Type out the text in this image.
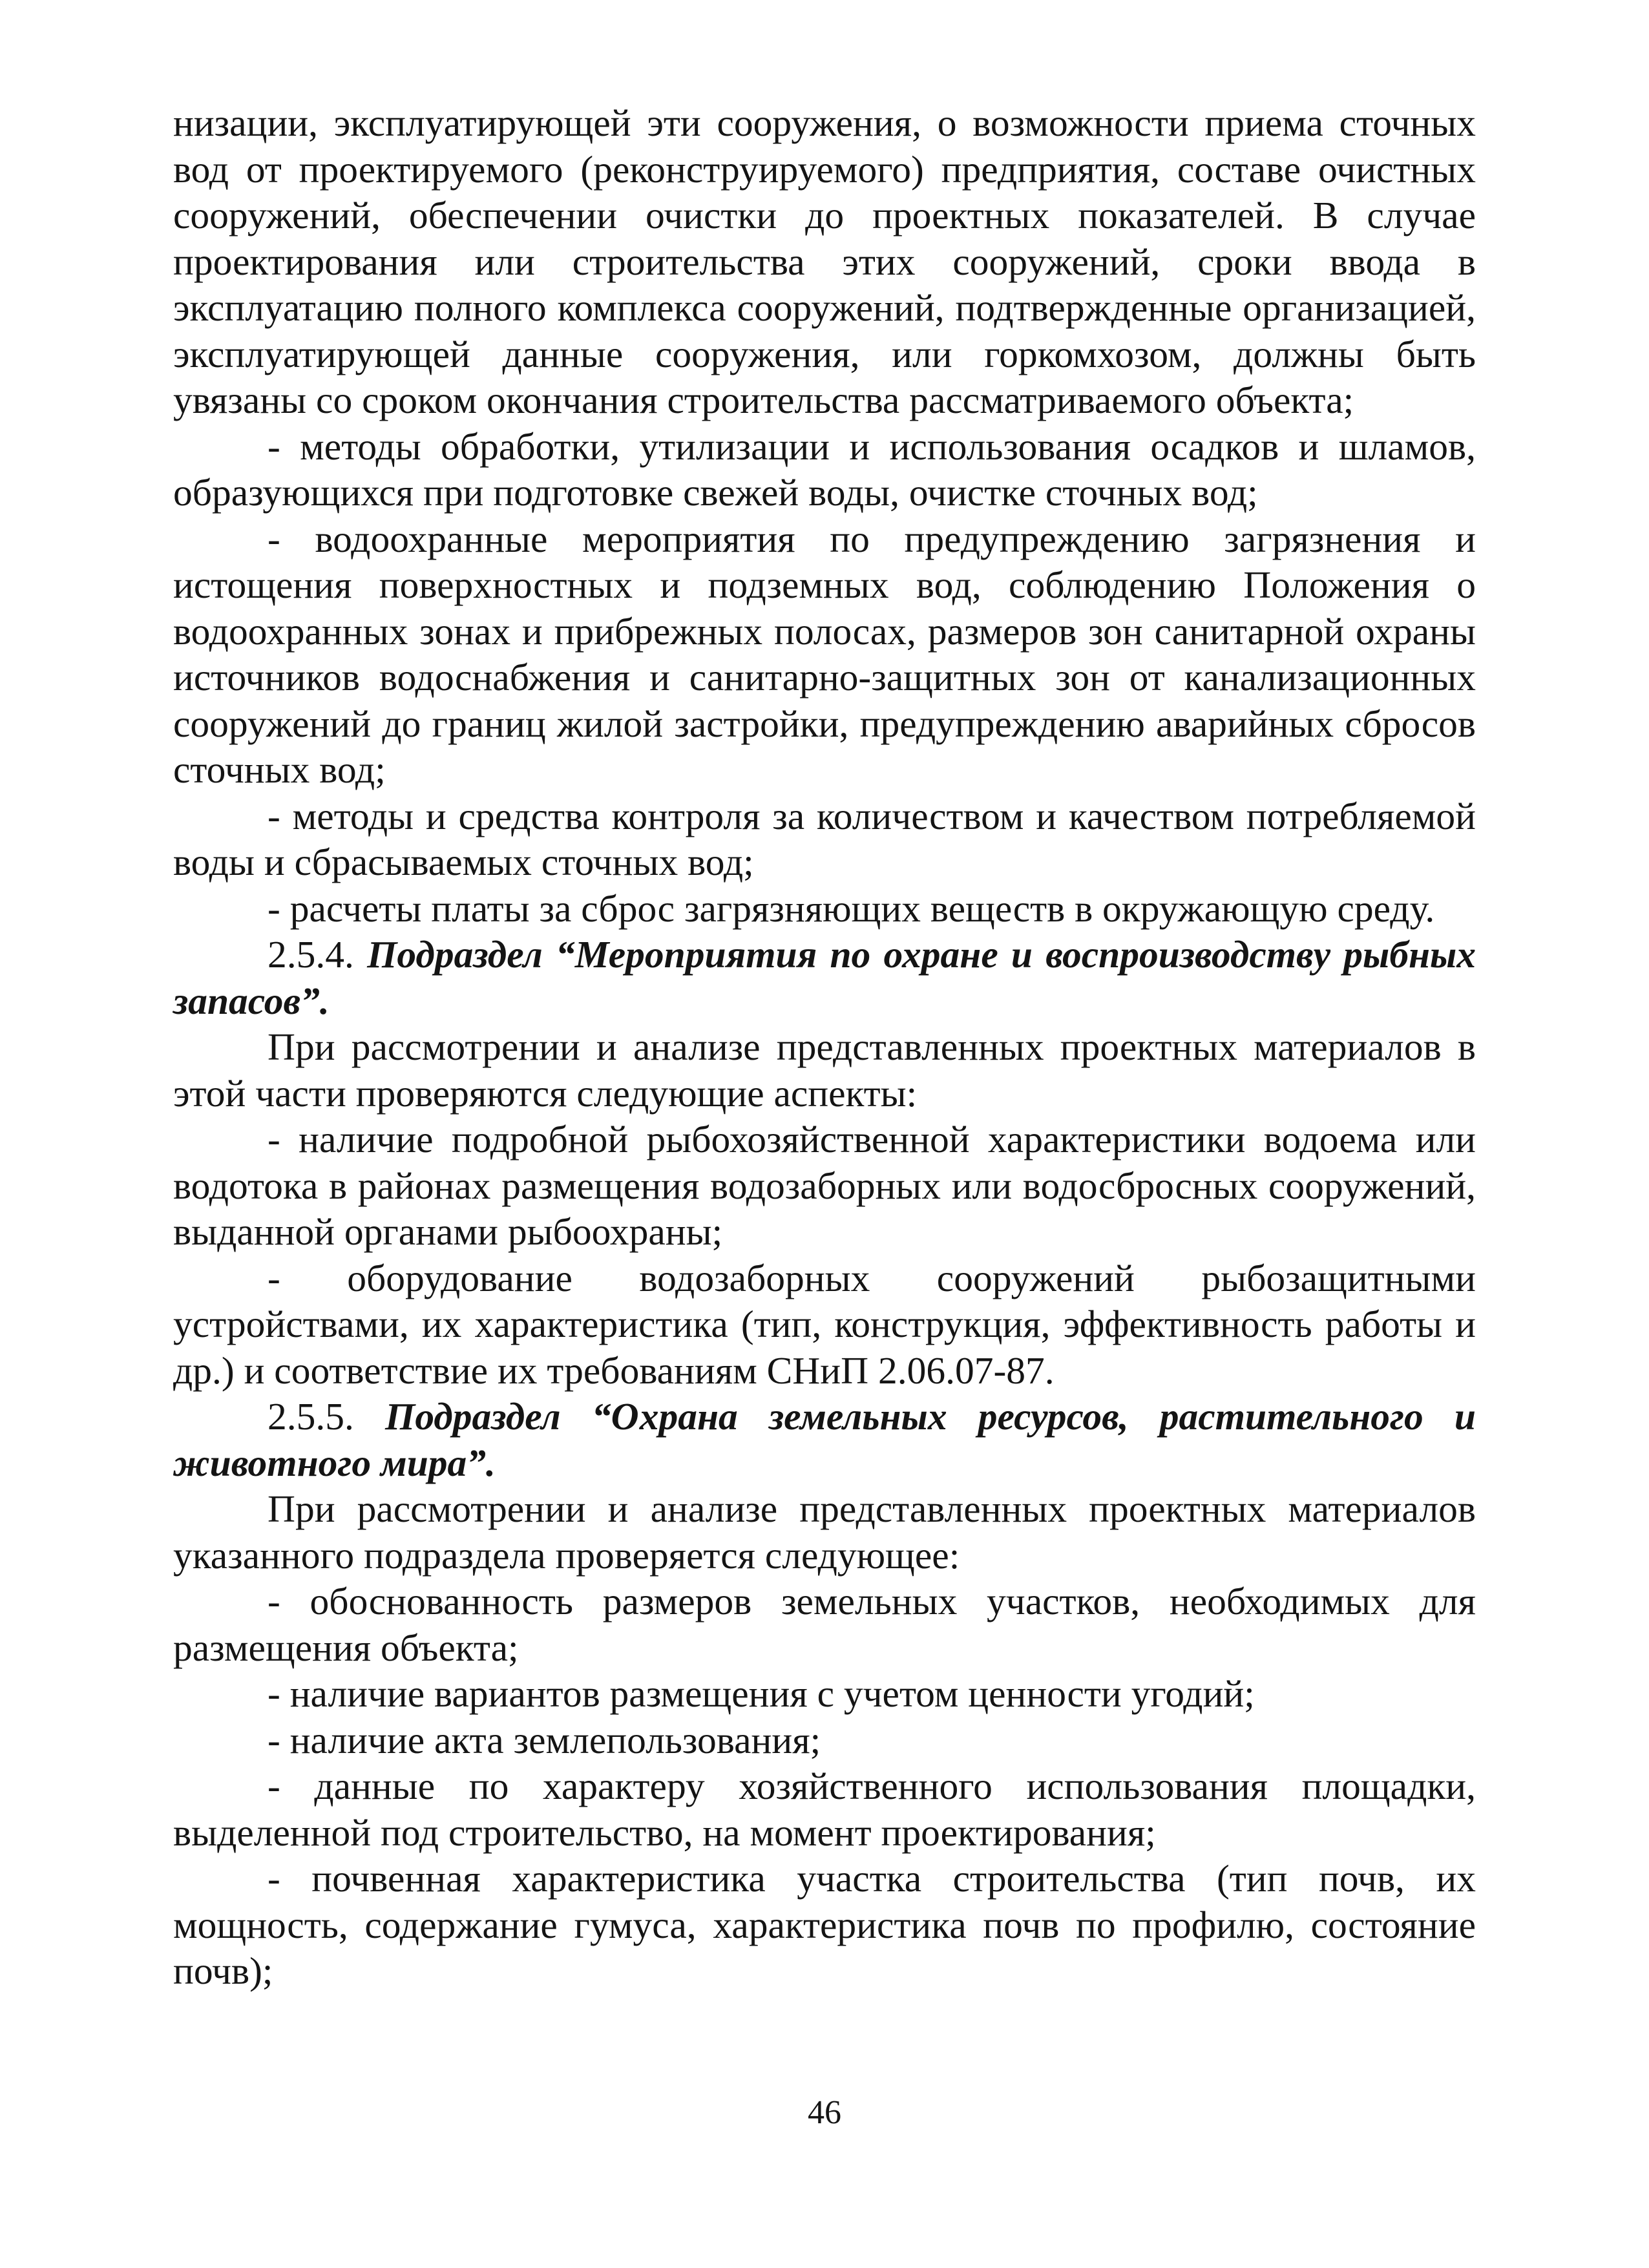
низации, эксплуатирующей эти сооружения, о возможности приема сточных вод от проектируемого (реконструируемого) предприятия, составе очистных сооружений, обеспечении очистки до проектных показателей. В случае проектирования или строительства этих сооружений, сроки ввода в эксплуатацию полного комплекса сооружений, подтвержденные организацией, эксплуатирующей данные сооружения, или горкомхозом, должны быть увязаны со сроком окончания строительства рассматриваемого объекта;

- методы обработки, утилизации и использования осадков и шламов, образующихся при подготовке свежей воды, очистке сточных вод;

- водоохранные мероприятия по предупреждению загрязнения и истощения поверхностных и подземных вод, соблюдению Положения о водоохранных зонах и прибрежных полосах, размеров зон санитарной охраны источников водоснабжения и санитарно-защитных зон от канализационных сооружений до границ жилой застройки, предупреждению аварийных сбросов сточных вод;

- методы и средства контроля за количеством и качеством потребляемой воды и сбрасываемых сточных вод;

- расчеты платы за сброс загрязняющих веществ в окружающую среду.

2.5.4. Подраздел “Мероприятия по охране и воспроизводству рыбных запасов”.

При рассмотрении и анализе представленных проектных материалов в этой части проверяются следующие аспекты:

- наличие подробной рыбохозяйственной характеристики водоема или водотока в районах размещения водозаборных или водосбросных сооружений, выданной органами рыбоохраны;

- оборудование водозаборных сооружений рыбозащитными устройствами, их характеристика (тип, конструкция, эффективность работы и др.) и соответствие их требованиям СНиП 2.06.07-87.

2.5.5. Подраздел “Охрана земельных ресурсов, растительного и животного мира”.

При рассмотрении и анализе представленных проектных материалов указанного подраздела проверяется следующее:

- обоснованность размеров земельных участков, необходимых для размещения объекта;

- наличие вариантов размещения с учетом ценности угодий;

- наличие акта землепользования;

- данные по характеру хозяйственного использования площадки, выделенной под строительство, на момент проектирования;

- почвенная характеристика участка строительства (тип почв, их мощность, содержание гумуса, характеристика почв по профилю, состояние почв);

46
